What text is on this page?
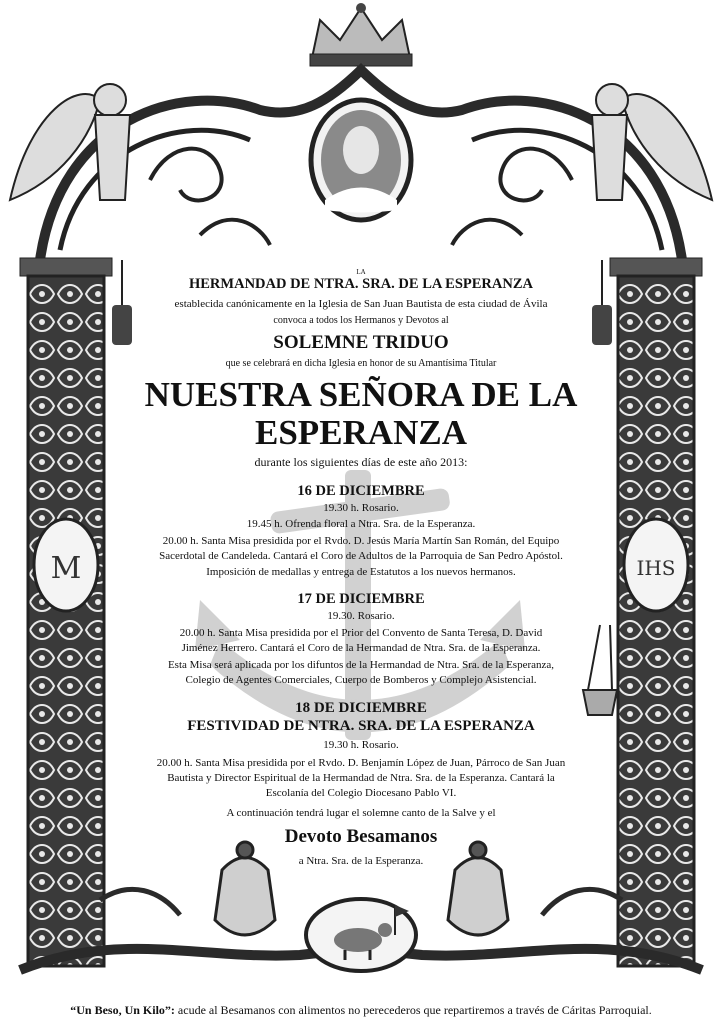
M	IHS
LA
HERMANDAD DE NTRA. SRA. DE LA ESPERANZA
establecida canónicamente en la Iglesia de San Juan Bautista de esta ciudad de Ávila
convoca a todos los Hermanos y Devotos al
SOLEMNE TRIDUO
que se celebrará en dicha Iglesia en honor de su Amantísima Titular
NUESTRA SEÑORA DE LA
ESPERANZA
durante los siguientes días de este año 2013:
16 DE DICIEMBRE
19.30 h. Rosario.
19.45 h. Ofrenda floral a Ntra. Sra. de la Esperanza.
20.00 h. Santa Misa presidida por el Rvdo. D. Jesús María Martín San Román, del Equipo
Sacerdotal de Candeleda. Cantará el Coro de Adultos de la Parroquia de San Pedro Apóstol.
Imposición de medallas y entrega de Estatutos a los nuevos hermanos.
17 DE DICIEMBRE
19.30. Rosario.
20.00 h. Santa Misa presidida por el Prior del Convento de Santa Teresa, D. David
Jiménez Herrero. Cantará el Coro de la Hermandad de Ntra. Sra. de la Esperanza.
Esta Misa será aplicada por los difuntos de la Hermandad de Ntra. Sra. de la Esperanza,
Colegio de Agentes Comerciales, Cuerpo de Bomberos y Complejo Asistencial.
18 DE DICIEMBRE
FESTIVIDAD DE NTRA. SRA. DE LA ESPERANZA
19.30 h. Rosario.
20.00 h. Santa Misa presidida por el Rvdo. D. Benjamín López de Juan, Párroco de San Juan
Bautista y Director Espiritual de la Hermandad de Ntra. Sra. de la Esperanza. Cantará la
Escolanía del Colegio Diocesano Pablo VI.
A continuación tendrá lugar el solemne canto de la Salve y el
Devoto Besamanos
a Ntra. Sra. de la Esperanza.
“Un Beso, Un Kilo”: acude al Besamanos con alimentos no perecederos que repartiremos a través de Cáritas Parroquial.
